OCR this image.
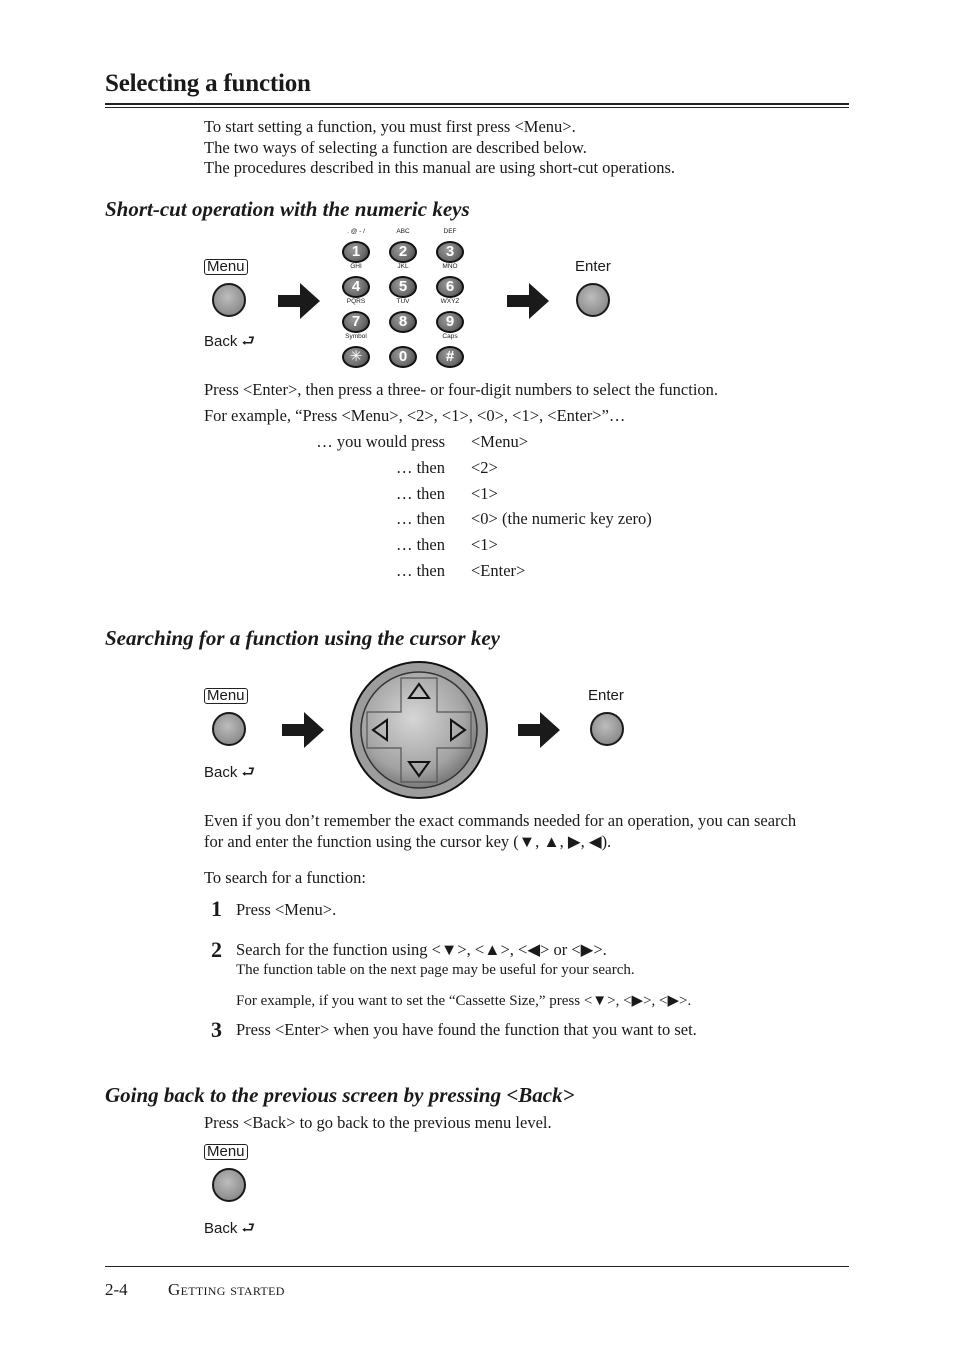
Selecting a function
To start setting a function, you must first press <Menu>.
The two ways of selecting a function are described below.
The procedures described in this manual are using short-cut operations.
Short-cut operation with the numeric keys
Menu
Back ⮐
. @ - /
1
ABC
2
DEF
3
GHI
4
JKL
5
MNO
6
PQRS
7
TUV
8
WXYZ
9
Symbol
✳	0
Caps
#
Enter
Press <Enter>, then press a three- or four-digit numbers to select the function.
For example, “Press <Menu>, <2>, <1>, <0>, <1>, <Enter>”…
… you would press <Menu>
… then <2>
… then <1>
… then <0> (the numeric key zero)
… then <1>
… then <Enter>
Searching for a function using the cursor key
Menu
Back ⮐
Enter
Even if you don’t remember the exact commands needed for an operation, you can search
for and enter the function using the cursor key (▼, ▲, ▶, ◀).
To search for a function:
1 Press <Menu>.
2 Search for the function using <▼>, <▲>, <◀> or <▶>.
The function table on the next page may be useful for your search.
For example, if you want to set the “Cassette Size,” press <▼>, <▶>, <▶>.
3 Press <Enter> when you have found the function that you want to set.
Going back to the previous screen by pressing <Back>
Press <Back> to go back to the previous menu level.
Menu
Back ⮐
2-4 Getting started
